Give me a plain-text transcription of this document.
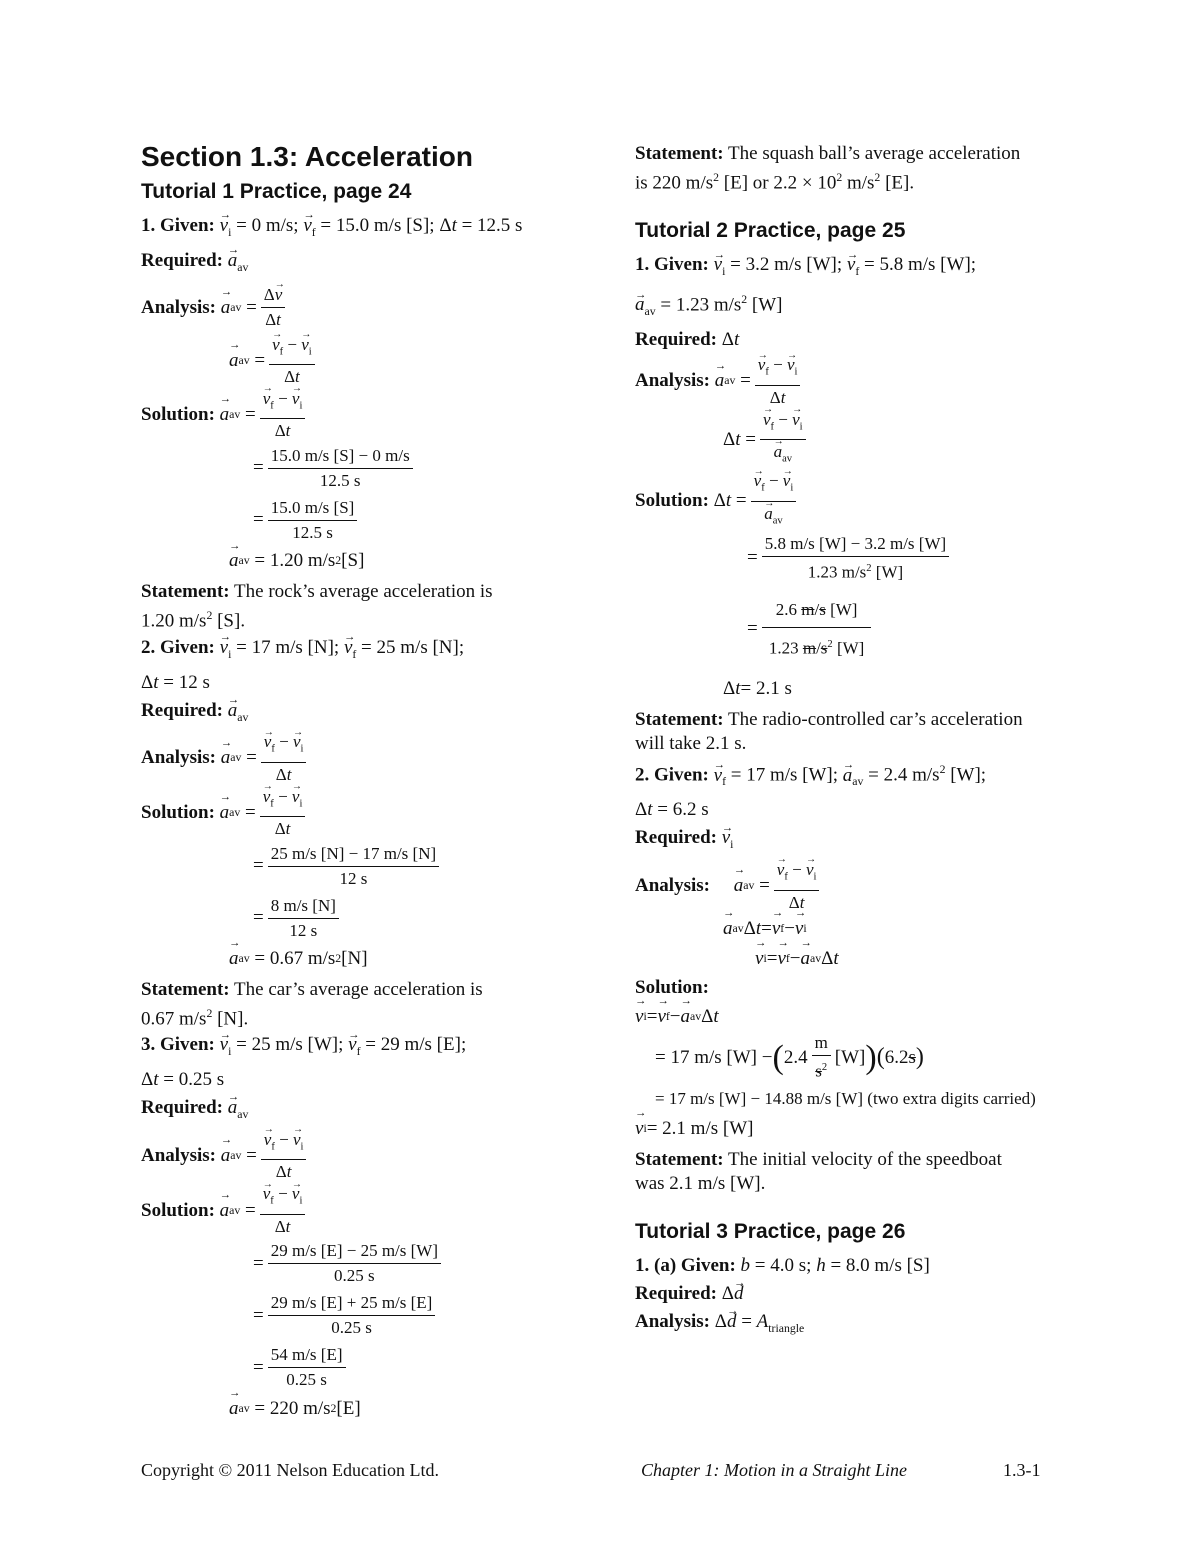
Section 1.3: Acceleration
Tutorial 1 Practice, page 24
1. Given: → $v_i = 0$ m/s; → $v_f = 15.0$ m/s [S]; Δt = 12.5 s
Required: → $a_{av}$
Analysis:
→ a av = $\frac{\Delta\to v}{\Delta t}$
→ a av = → $\frac{v_f - \to v_i}{\Delta t}$
Solution:
→ a av = → $\frac{v_f - \to v_i}{\Delta t}$
= $\frac{15.0 m/s [S] - 0 m/s}{12.5 s}$
= $\frac{15.0 m/s [S]}{12.5 s}$
→ a av = 1.20 m/s 2 [S]
Statement: The rock’s average acceleration is
1.20 $m/s^2$ [S].
2. Given: → $v_i = 17$ m/s [N]; → $v_f = 25$ m/s [N];
Δt = 12 s
Required: → $a_{av}$
Analysis:
→ a av = → $\frac{v_f - \to v_i}{\Delta t}$
Solution:
→ a av = → $\frac{v_f - \to v_i}{\Delta t}$
= $\frac{25 m/s [N] - 17 m/s [N]}{12 s}$
= $\frac{8 m/s [N]}{12 s}$
→ a av = 0.67 m/s 2 [N]
Statement: The car’s average acceleration is
0.67 $m/s^2$ [N].
3. Given: → $v_i = 25$ m/s [W]; → $v_f = 29$ m/s [E];
Δt = 0.25 s
Required: → $a_{av}$
Analysis:
→ a av = → $\frac{v_f - \to v_i}{\Delta t}$
Solution:
→ a av = → $\frac{v_f - \to v_i}{\Delta t}$
= $\frac{29 m/s [E] - 25 m/s [W]}{0.25 s}$
= $\frac{29 m/s [E] + 25 m/s [E]}{0.25 s}$
= $\frac{54 m/s [E]}{0.25 s}$
→ a av = 220 m/s 2 [E]
Statement: The squash ball’s average acceleration
is 220 $m/s^2$ [E] or $2.2 \times 10^2$ $m/s^2$ [E].
Tutorial 2 Practice, page 25
1. Given: → $v_i = 3.2$ m/s [W]; → $v_f = 5.8$ m/s [W];
→ $a_{av} = 1.23$ $m/s^2$ [W]
Required: Δt
Analysis:
→ a av = → $\frac{v_f - \to v_i}{\Delta t}$
Δ t = → $v_f$ − → $v_i$
→ $a_{av}$
Solution: Δ t = → $v_f$ − → $v_i$
→ $a_{av}$
= $\frac{5.8 m/s [W] - 3.2 m/s [W]}{1.23 m/s^2 [W]}$
= $\frac{2.6 m/s [W]}{1.23 m/s^2 [W]}$
Δ t = 2.1 s
Statement: The radio-controlled car’s acceleration
will take 2.1 s.
2. Given: → $v_f = 17$ m/s [W]; → $a_{av} = 2.4$ $m/s^2$ [W];
Δt = 6.2 s
Required: → $v_i$
Analysis:
→ a av = → $\frac{v_f - \to v_i}{\Delta t}$
→ a av Δ t = → v f − → v i
→ v i = → v f − → a av Δ t
Solution:
→ v i = → v f − → a av Δ t
= 17 m/s [W] − ( $2.4 \frac{m}{s^2} [W]$ ) ( 6.2 s )
= 17 m/s [W] − 14.88 m/s [W] (two extra digits carried)
→ v i = 2.1 m/s [W]
Statement: The initial velocity of the speedboat
was 2.1 m/s [W].
Tutorial 3 Practice, page 26
1. (a) Given: b = 4.0 s; h = 8.0 m/s [S]
Required: Δ→ d
Analysis: $\Delta\to d = A_{triangle}$
Copyright © 2011 Nelson Education Ltd.	Chapter 1: Motion in a Straight Line	1.3-1
